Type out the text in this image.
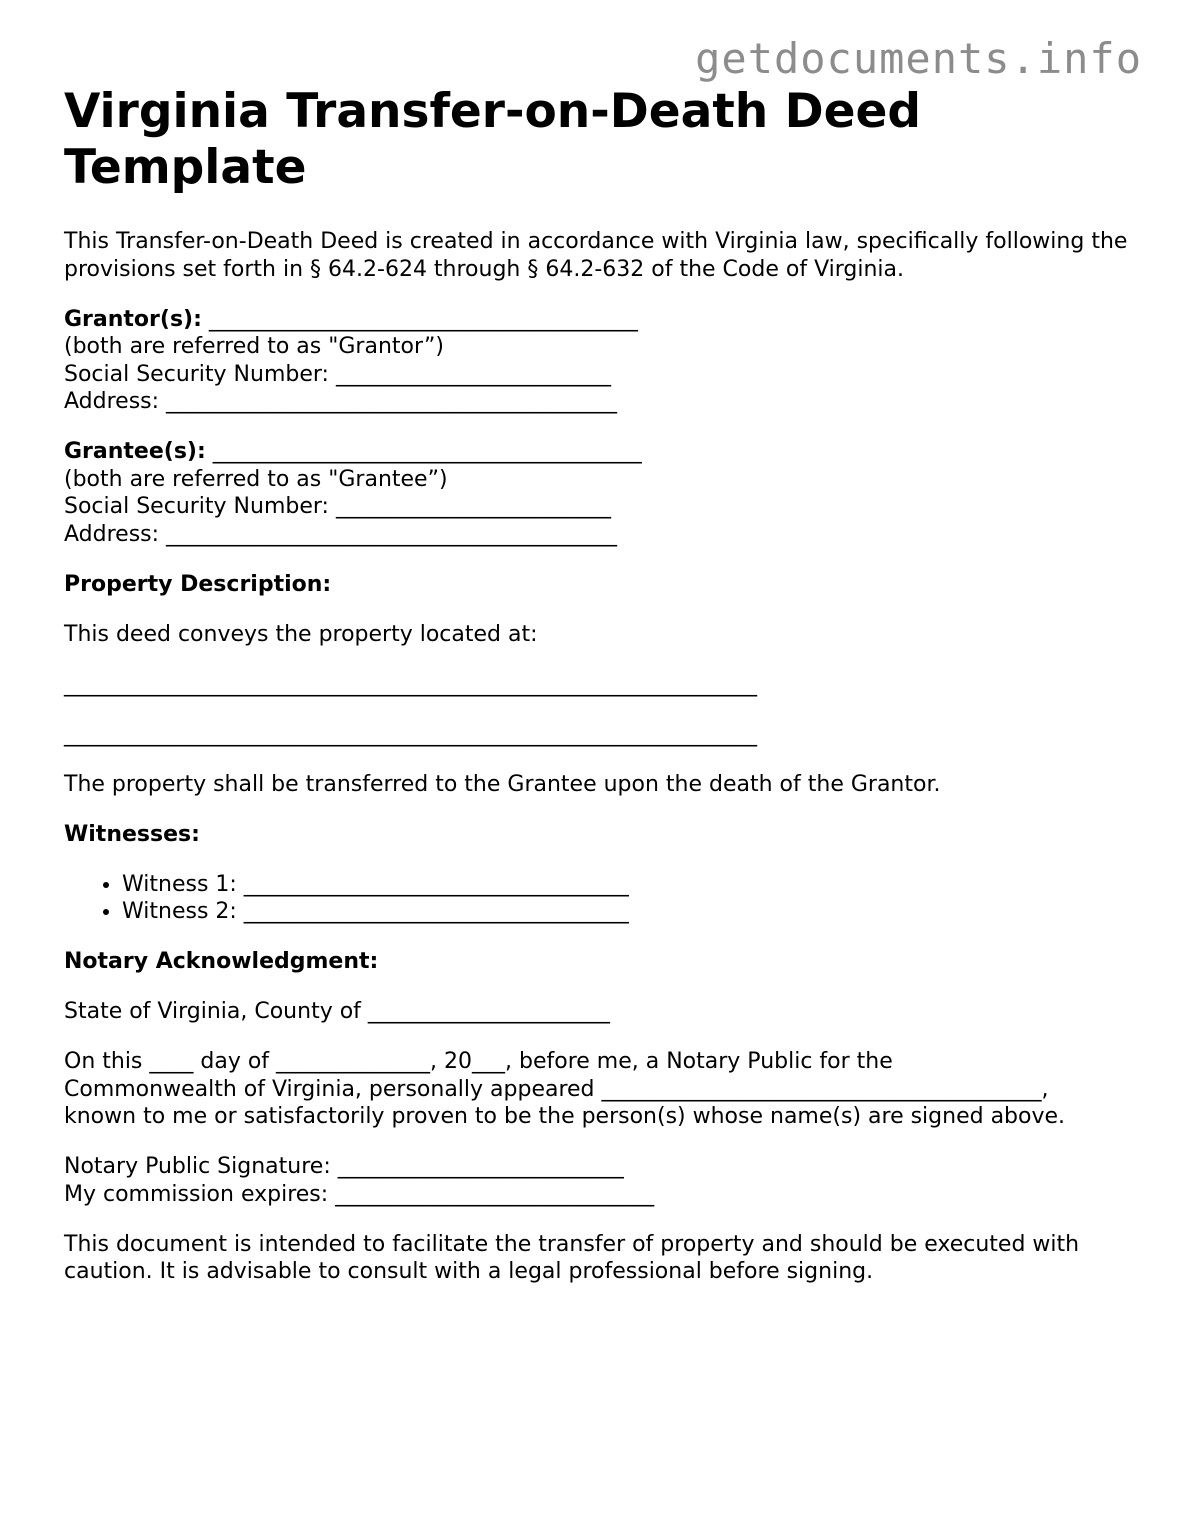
getdocuments.info
Virginia Transfer-on-Death Deed Template

This Transfer-on-Death Deed is created in accordance with Virginia law, specifically following the provisions set forth in § 64.2-624 through § 64.2-632 of the Code of Virginia.

Grantor(s): _______________________________________
(both are referred to as "Grantor”)
Social Security Number: _________________________
Address: _________________________________________

Grantee(s): _______________________________________
(both are referred to as "Grantee”)
Social Security Number: _________________________
Address: _________________________________________

Property Description:

This deed conveys the property located at:

_______________________________________________________________

_______________________________________________________________

The property shall be transferred to the Grantee upon the death of the Grantor.

Witnesses:

• Witness 1: ___________________________________
• Witness 2: ___________________________________

Notary Acknowledgment:

State of Virginia, County of ______________________

On this ____ day of ______________, 20___, before me, a Notary Public for the
Commonwealth of Virginia, personally appeared ________________________________________,
known to me or satisfactorily proven to be the person(s) whose name(s) are signed above.

Notary Public Signature: __________________________
My commission expires: _____________________________

This document is intended to facilitate the transfer of property and should be executed with caution. It is advisable to consult with a legal professional before signing.
